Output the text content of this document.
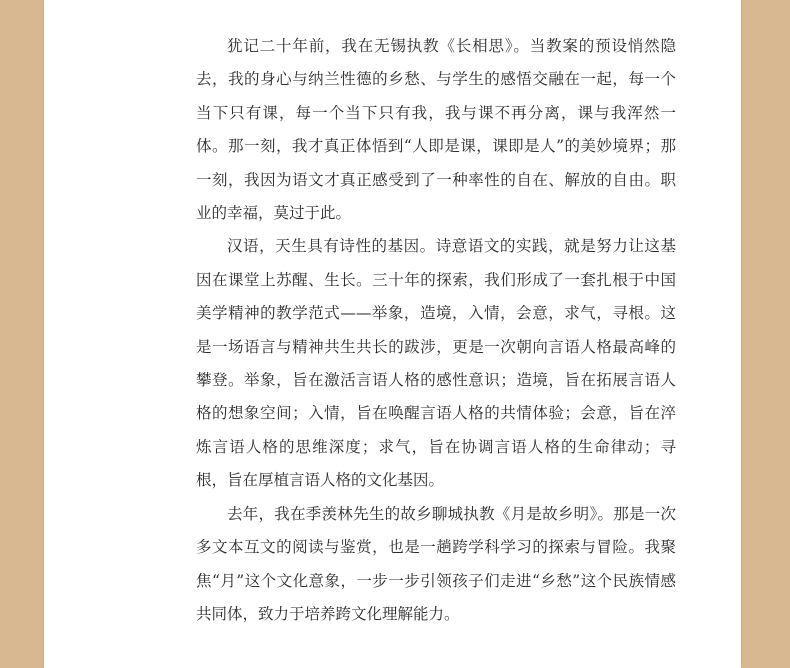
犹记二十年前，我在无锡执教《长相思》。当教案的预设悄然隐去，我的身心与纳兰性德的乡愁、与学生的感悟交融在一起，每一个当下只有课，每一个当下只有我，我与课不再分离，课与我浑然一体。那一刻，我才真正体悟到“人即是课，课即是人”的美妙境界；那一刻，我因为语文才真正感受到了一种率性的自在、解放的自由。职业的幸福，莫过于此。

汉语，天生具有诗性的基因。诗意语文的实践，就是努力让这基因在课堂上苏醒、生长。三十年的探索，我们形成了一套扎根于中国美学精神的教学范式——举象，造境，入情，会意，求气，寻根。这是一场语言与精神共生共长的跋涉，更是一次朝向言语人格最高峰的攀登。举象，旨在激活言语人格的感性意识；造境，旨在拓展言语人格的想象空间；入情，旨在唤醒言语人格的共情体验；会意，旨在淬炼言语人格的思维深度；求气，旨在协调言语人格的生命律动；寻根，旨在厚植言语人格的文化基因。

去年，我在季羡林先生的故乡聊城执教《月是故乡明》。那是一次多文本互文的阅读与鉴赏，也是一趟跨学科学习的探索与冒险。我聚焦“月”这个文化意象，一步一步引领孩子们走进“乡愁”这个民族情感共同体，致力于培养跨文化理解能力。
